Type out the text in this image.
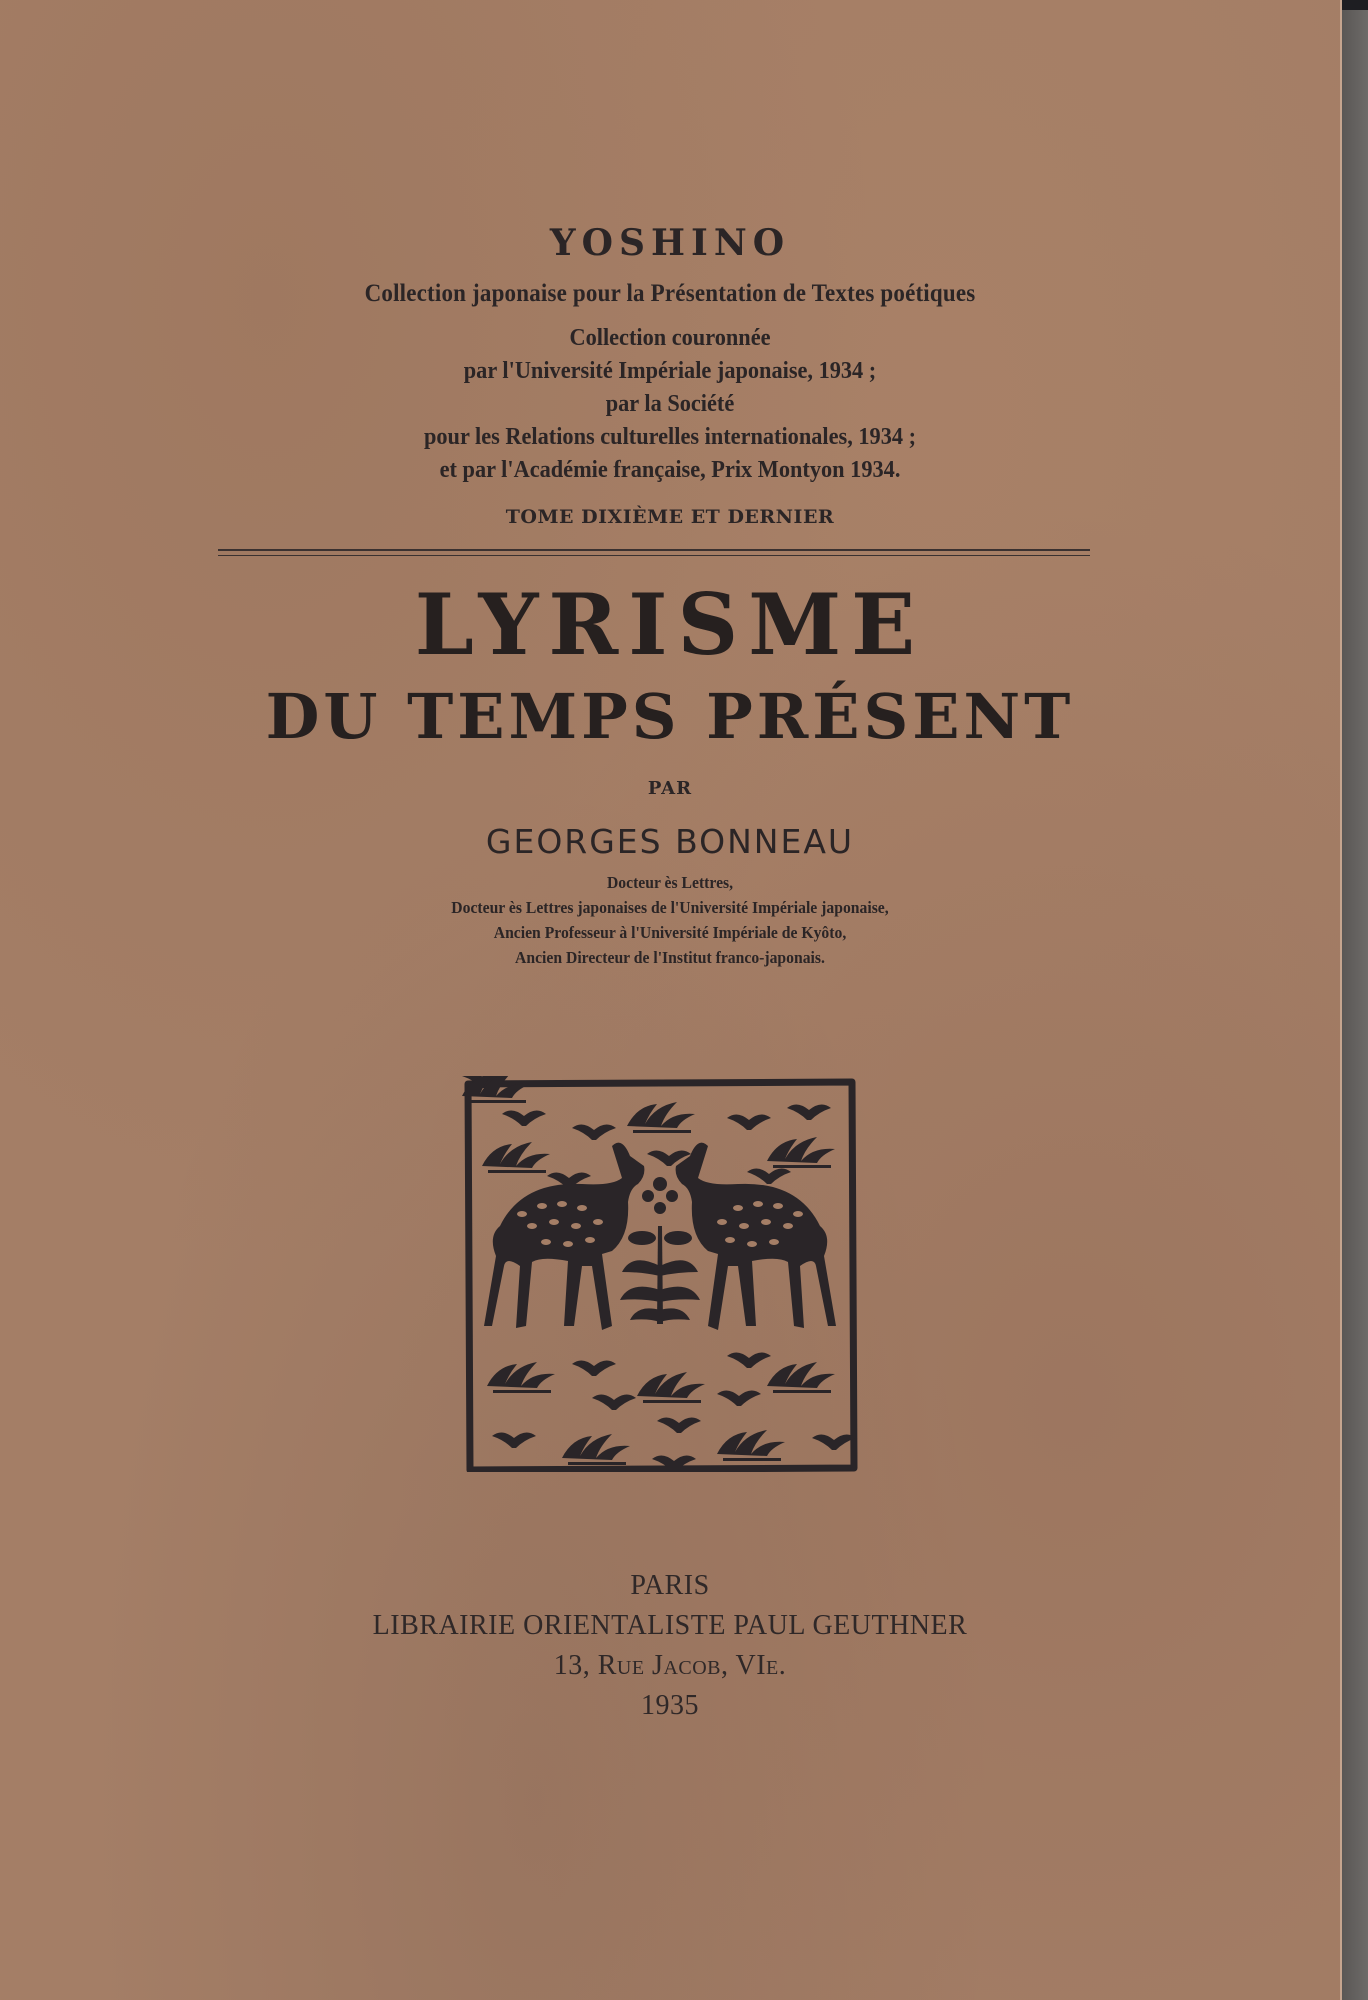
YOSHINO
Collection japonaise pour la Présentation de Textes poétiques
Collection couronnée
par l'Université Impériale japonaise, 1934 ;
par la Société
pour les Relations culturelles internationales, 1934 ;
et par l'Académie française, Prix Montyon 1934.
TOME DIXIÈME ET DERNIER
LYRISME
DU TEMPS PRÉSENT
PAR
GEORGES BONNEAU
Docteur ès Lettres,
Docteur ès Lettres japonaises de l'Université Impériale japonaise,
Ancien Professeur à l'Université Impériale de Kyôto,
Ancien Directeur de l'Institut franco-japonais.
PARIS
LIBRAIRIE ORIENTALISTE PAUL GEUTHNER
13, Rue Jacob, VIe.
1935
